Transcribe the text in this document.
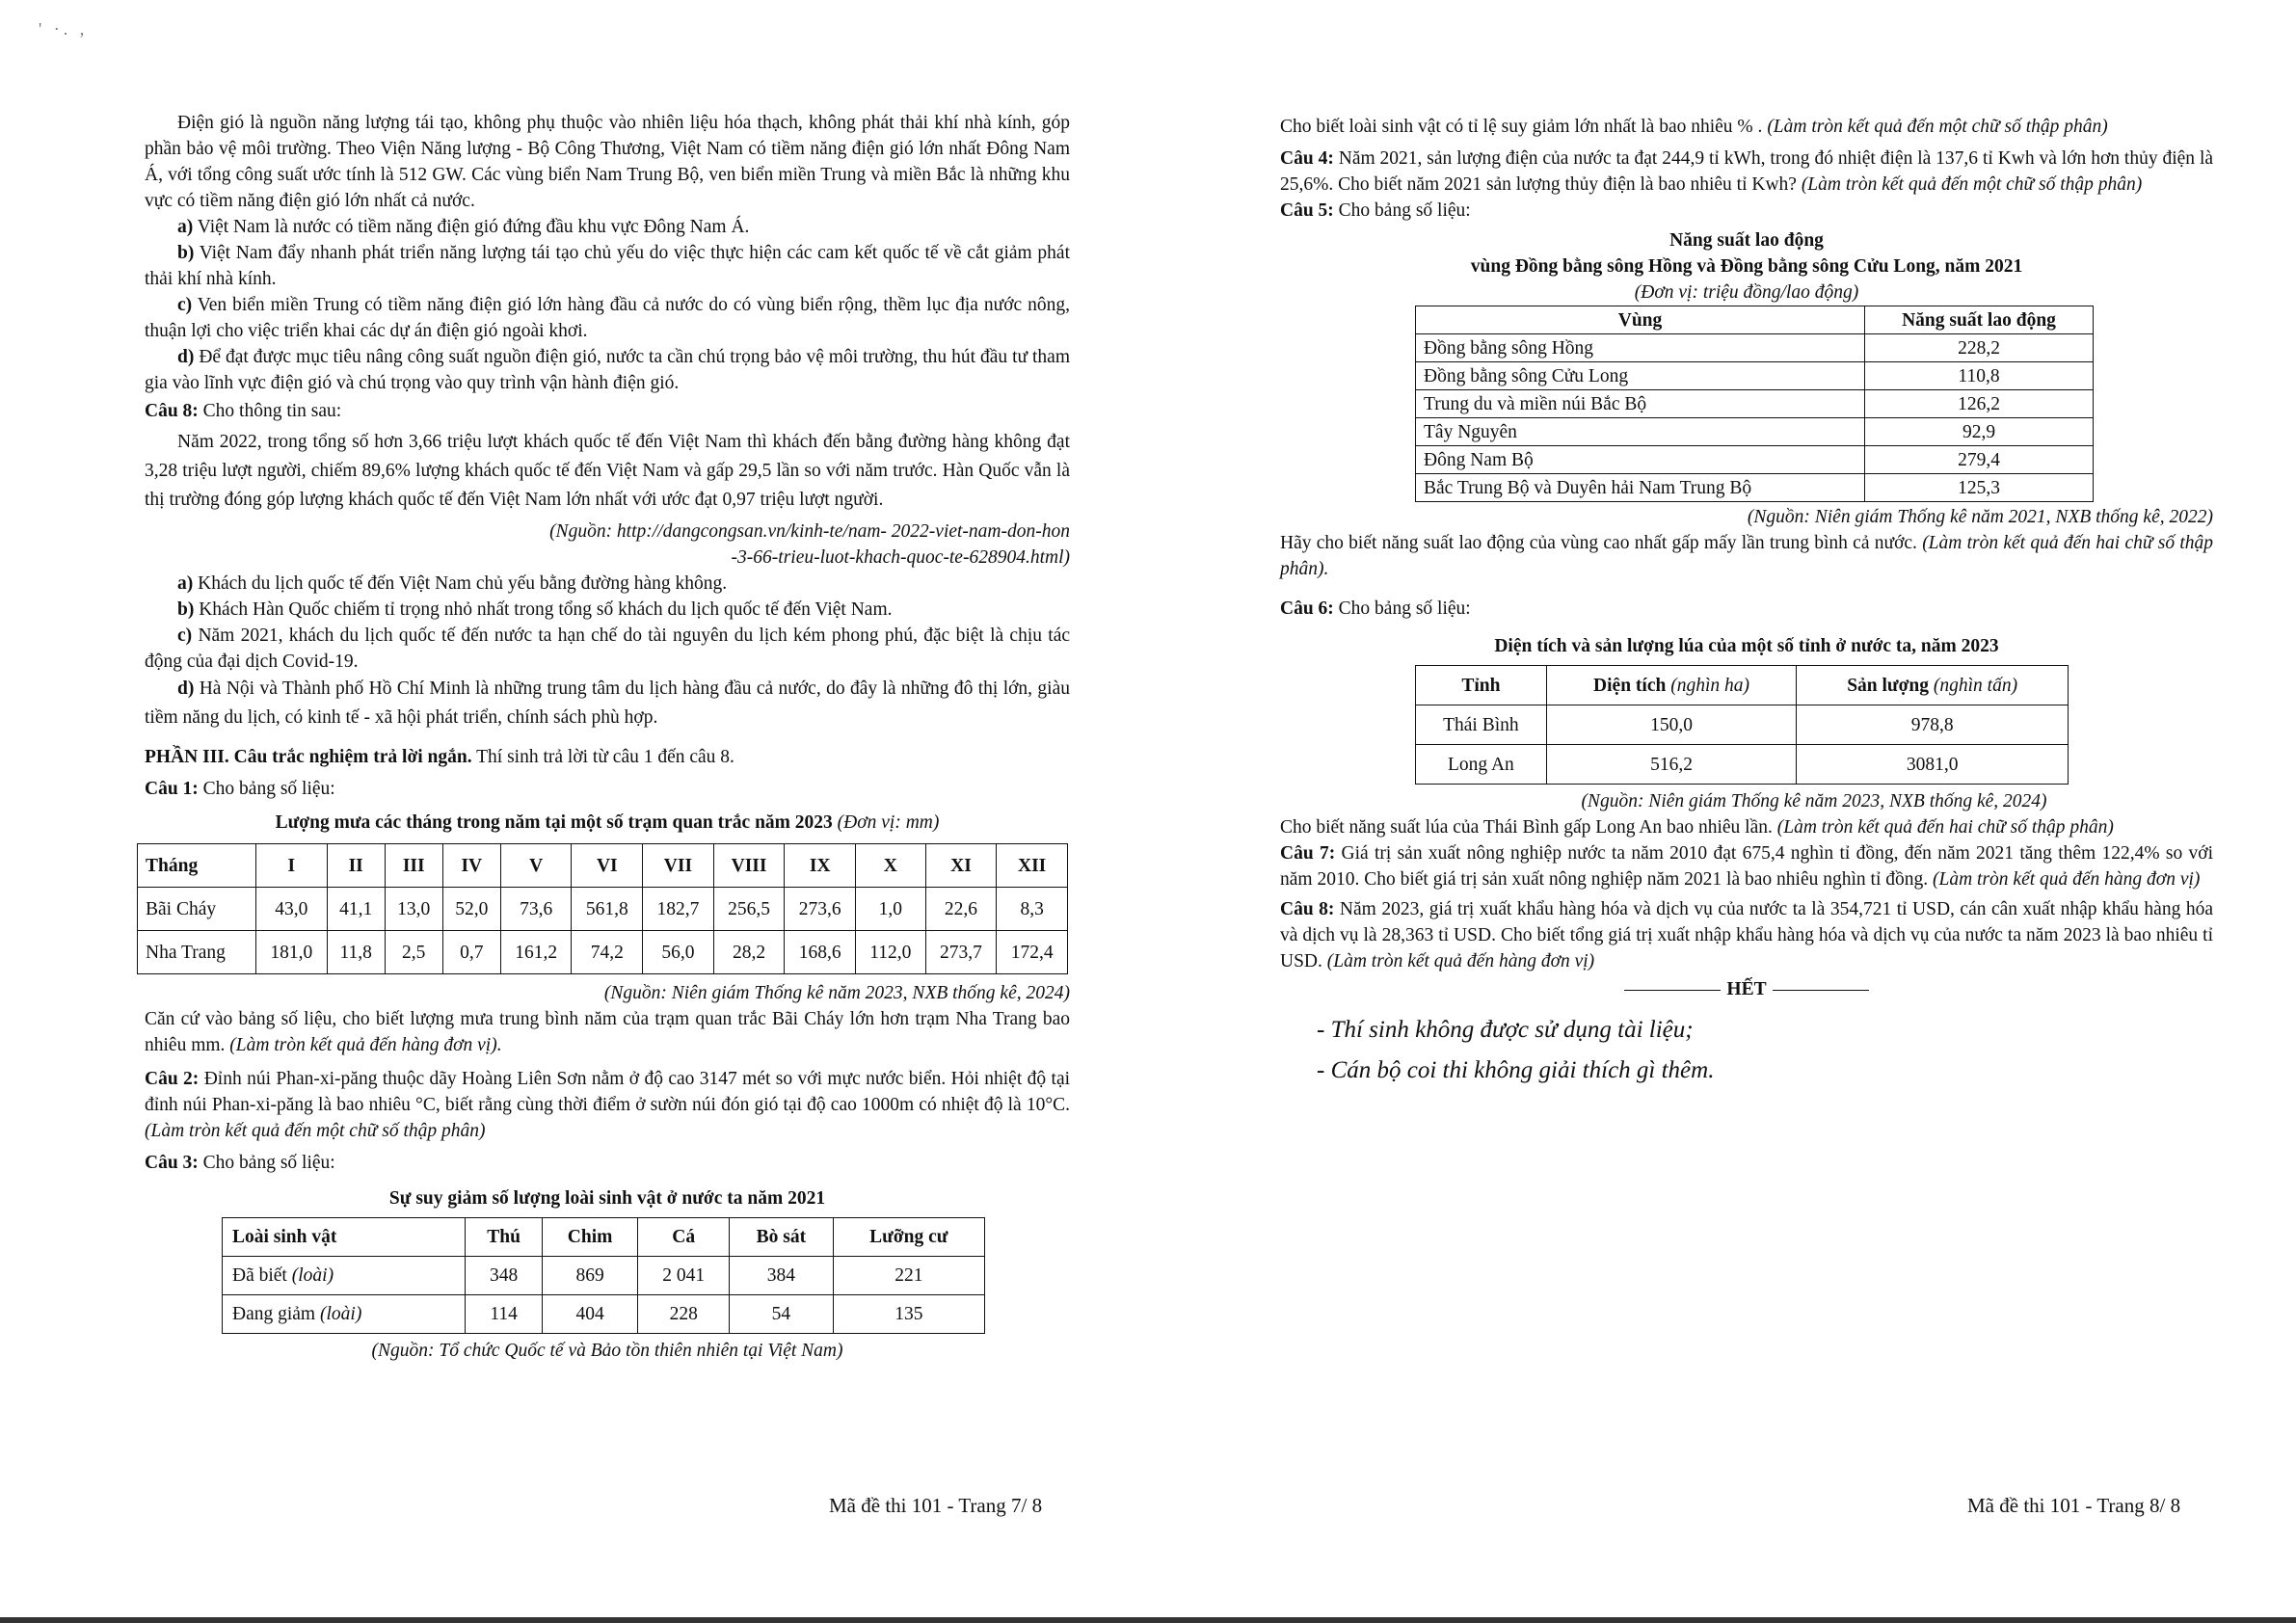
' ·. ,

Điện gió là nguồn năng lượng tái tạo, không phụ thuộc vào nhiên liệu hóa thạch, không phát thải khí nhà kính, góp phần bảo vệ môi trường. Theo Viện Năng lượng - Bộ Công Thương, Việt Nam có tiềm năng điện gió lớn nhất Đông Nam Á, với tổng công suất ước tính là 512 GW. Các vùng biển Nam Trung Bộ, ven biển miền Trung và miền Bắc là những khu vực có tiềm năng điện gió lớn nhất cả nước.

a) Việt Nam là nước có tiềm năng điện gió đứng đầu khu vực Đông Nam Á.

b) Việt Nam đẩy nhanh phát triển năng lượng tái tạo chủ yếu do việc thực hiện các cam kết quốc tế về cắt giảm phát thải khí nhà kính.

c) Ven biển miền Trung có tiềm năng điện gió lớn hàng đầu cả nước do có vùng biển rộng, thềm lục địa nước nông, thuận lợi cho việc triển khai các dự án điện gió ngoài khơi.

d) Để đạt được mục tiêu nâng công suất nguồn điện gió, nước ta cần chú trọng bảo vệ môi trường, thu hút đầu tư tham gia vào lĩnh vực điện gió và chú trọng vào quy trình vận hành điện gió.

Câu 8: Cho thông tin sau:

Năm 2022, trong tổng số hơn 3,66 triệu lượt khách quốc tế đến Việt Nam thì khách đến bằng đường hàng không đạt 3,28 triệu lượt người, chiếm 89,6% lượng khách quốc tế đến Việt Nam và gấp 29,5 lần so với năm trước. Hàn Quốc vẫn là thị trường đóng góp lượng khách quốc tế đến Việt Nam lớn nhất với ước đạt 0,97 triệu lượt người.

(Nguồn: http://dangcongsan.vn/kinh-te/nam- 2022-viet-nam-don-hon

-3-66-trieu-luot-khach-quoc-te-628904.html)

a) Khách du lịch quốc tế đến Việt Nam chủ yếu bằng đường hàng không.

b) Khách Hàn Quốc chiếm tỉ trọng nhỏ nhất trong tổng số khách du lịch quốc tế đến Việt Nam.

c) Năm 2021, khách du lịch quốc tế đến nước ta hạn chế do tài nguyên du lịch kém phong phú, đặc biệt là chịu tác động của đại dịch Covid-19.

d) Hà Nội và Thành phố Hồ Chí Minh là những trung tâm du lịch hàng đầu cả nước, do đây là những đô thị lớn, giàu tiềm năng du lịch, có kinh tế - xã hội phát triển, chính sách phù hợp.

PHẦN III. Câu trắc nghiệm trả lời ngắn. Thí sinh trả lời từ câu 1 đến câu 8.

Câu 1: Cho bảng số liệu:

Lượng mưa các tháng trong năm tại một số trạm quan trắc năm 2023 (Đơn vị: mm)

Tháng	I	II	III	IV	V	VI	VII	VIII	IX	X	XI	XII
Bãi Cháy	43,0	41,1	13,0	52,0	73,6	561,8	182,7	256,5	273,6	1,0	22,6	8,3
Nha Trang	181,0	11,8	2,5	0,7	161,2	74,2	56,0	28,2	168,6	112,0	273,7	172,4

(Nguồn: Niên giám Thống kê năm 2023, NXB thống kê, 2024)

Căn cứ vào bảng số liệu, cho biết lượng mưa trung bình năm của trạm quan trắc Bãi Cháy lớn hơn trạm Nha Trang bao nhiêu mm. (Làm tròn kết quả đến hàng đơn vị).

Câu 2: Đỉnh núi Phan-xi-păng thuộc dãy Hoàng Liên Sơn nằm ở độ cao 3147 mét so với mực nước biển. Hỏi nhiệt độ tại đỉnh núi Phan-xi-păng là bao nhiêu °C, biết rằng cùng thời điểm ở sườn núi đón gió tại độ cao 1000m có nhiệt độ là 10°C. (Làm tròn kết quả đến một chữ số thập phân)

Câu 3: Cho bảng số liệu:

Sự suy giảm số lượng loài sinh vật ở nước ta năm 2021

Loài sinh vật	Thú	Chim	Cá	Bò sát	Lưỡng cư
Đã biết (loài)	348	869	2 041	384	221
Đang giảm (loài)	114	404	228	54	135

(Nguồn: Tổ chức Quốc tế và Bảo tồn thiên nhiên tại Việt Nam)

Mã đề thi 101 - Trang 7/ 8

Cho biết loài sinh vật có tỉ lệ suy giảm lớn nhất là bao nhiêu % . (Làm tròn kết quả đến một chữ số thập phân)

Câu 4: Năm 2021, sản lượng điện của nước ta đạt 244,9 tỉ kWh, trong đó nhiệt điện là 137,6 tỉ Kwh và lớn hơn thủy điện là 25,6%. Cho biết năm 2021 sản lượng thủy điện là bao nhiêu tỉ Kwh? (Làm tròn kết quả đến một chữ số thập phân)

Câu 5: Cho bảng số liệu:

Năng suất lao động

vùng Đồng bằng sông Hồng và Đồng bằng sông Cửu Long, năm 2021

(Đơn vị: triệu đồng/lao động)

Vùng	Năng suất lao động
Đồng bằng sông Hồng	228,2
Đồng bằng sông Cửu Long	110,8
Trung du và miền núi Bắc Bộ	126,2
Tây Nguyên	92,9
Đông Nam Bộ	279,4
Bắc Trung Bộ và Duyên hải Nam Trung Bộ	125,3

(Nguồn: Niên giám Thống kê năm 2021, NXB thống kê, 2022)

Hãy cho biết năng suất lao động của vùng cao nhất gấp mấy lần trung bình cả nước. (Làm tròn kết quả đến hai chữ số thập phân).

Câu 6: Cho bảng số liệu:

Diện tích và sản lượng lúa của một số tỉnh ở nước ta, năm 2023

Tỉnh	Diện tích (nghìn ha)	Sản lượng (nghìn tấn)
Thái Bình	150,0	978,8
Long An	516,2	3081,0

(Nguồn: Niên giám Thống kê năm 2023, NXB thống kê, 2024)

Cho biết năng suất lúa của Thái Bình gấp Long An bao nhiêu lần. (Làm tròn kết quả đến hai chữ số thập phân)

Câu 7: Giá trị sản xuất nông nghiệp nước ta năm 2010 đạt 675,4 nghìn tỉ đồng, đến năm 2021 tăng thêm 122,4% so với năm 2010. Cho biết giá trị sản xuất nông nghiệp năm 2021 là bao nhiêu nghìn tỉ đồng. (Làm tròn kết quả đến hàng đơn vị)

Câu 8: Năm 2023, giá trị xuất khẩu hàng hóa và dịch vụ của nước ta là 354,721 tỉ USD, cán cân xuất nhập khẩu hàng hóa và dịch vụ là 28,363 tỉ USD. Cho biết tổng giá trị xuất nhập khẩu hàng hóa và dịch vụ của nước ta năm 2023 là bao nhiêu tỉ USD. (Làm tròn kết quả đến hàng đơn vị)

HẾT

- Thí sinh không được sử dụng tài liệu;

- Cán bộ coi thi không giải thích gì thêm.

Mã đề thi 101 - Trang 8/ 8
